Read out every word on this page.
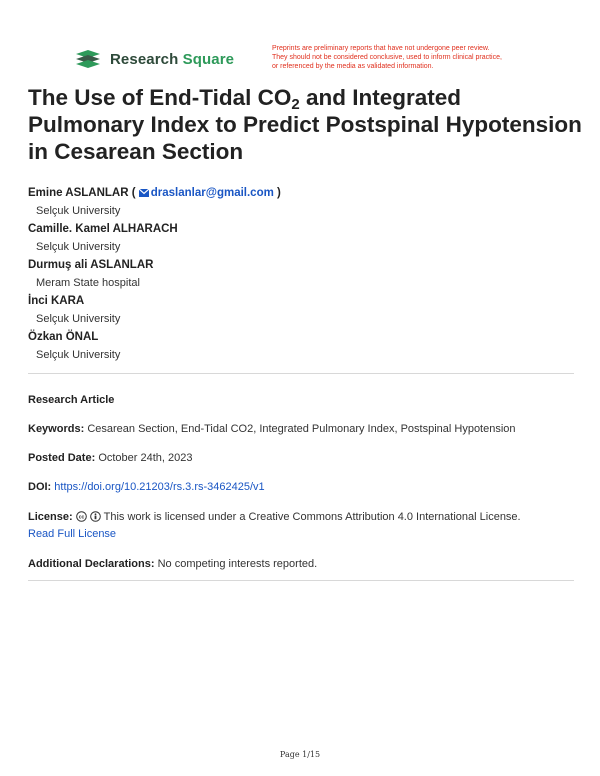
Research Square
Preprints are preliminary reports that have not undergone peer review.
They should not be considered conclusive, used to inform clinical practice,
or referenced by the media as validated information.
The Use of End-Tidal $CO_2$ and Integrated Pulmonary Index to Predict Postspinal Hypotension in Cesarean Section
Emine ASLANLAR ( draslanlar@gmail.com )
Selçuk University
Camille. Kamel ALHARACH
Selçuk University
Durmuş ali ASLANLAR
Meram State hospital
İnci KARA
Selçuk University
Özkan ÖNAL
Selçuk University
Research Article
Keywords: Cesarean Section, End-Tidal CO2, Integrated Pulmonary Index, Postspinal Hypotension
Posted Date: October 24th, 2023
DOI: https://doi.org/10.21203/rs.3.rs-3462425/v1
License: cc This work is licensed under a Creative Commons Attribution 4.0 International License.
Read Full License
Additional Declarations: No competing interests reported.
Page 1/15
